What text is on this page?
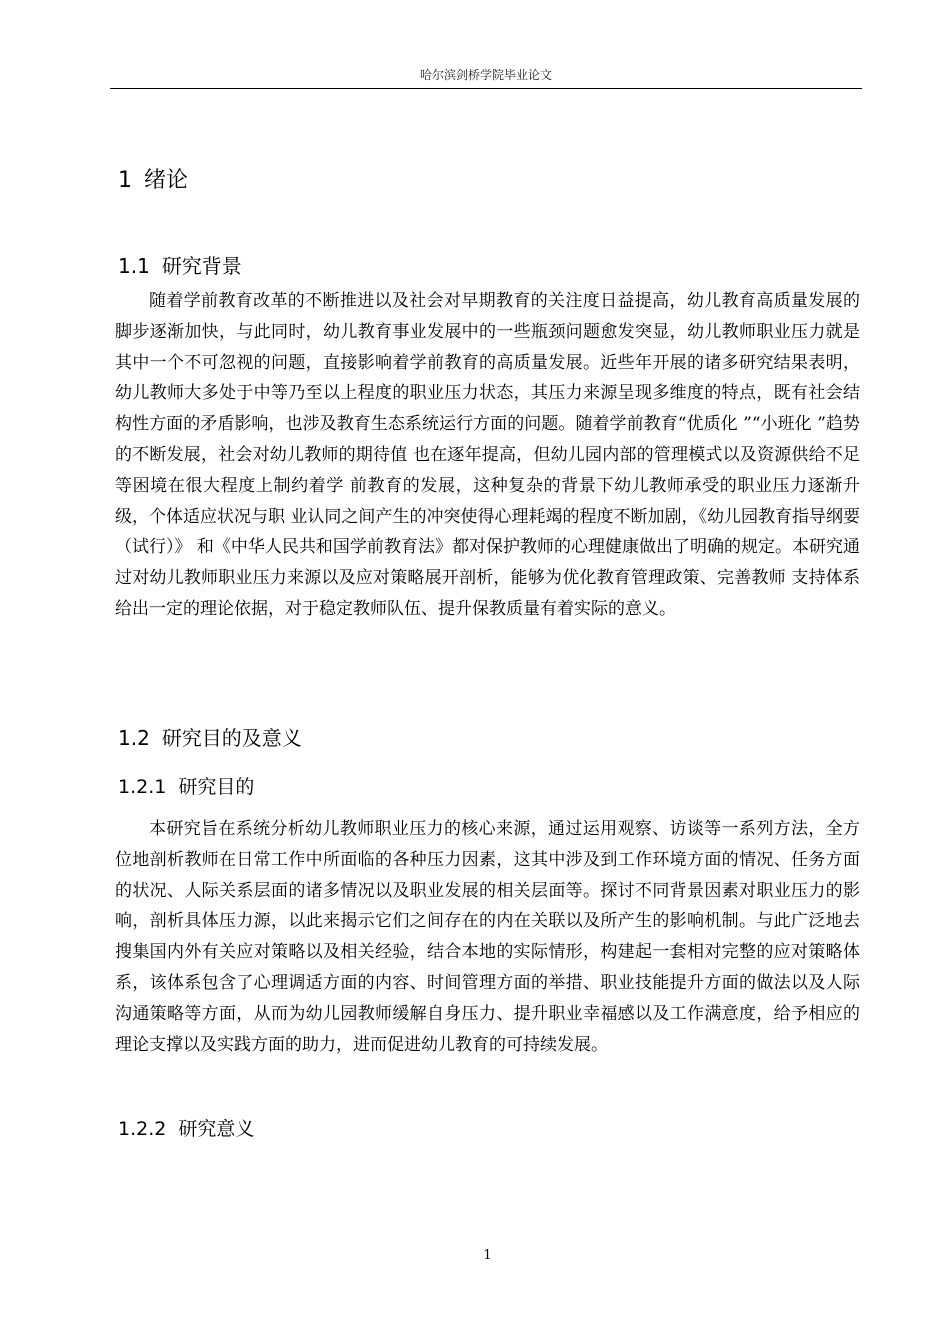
哈尔滨剑桥学院毕业论文
1 绪论
1.1 研究背景
随着学前教育改革的不断推进以及社会对早期教育的关注度日益提高，幼儿教育高质量发展的脚步逐渐加快，与此同时，幼儿教育事业发展中的一些瓶颈问题愈发突显，幼儿教师职业压力就是其中一个不可忽视的问题，直接影响着学前教育的高质量发展。近些年开展的诸多研究结果表明，幼儿教师大多处于中等乃至以上程度的职业压力状态，其压力来源呈现多维度的特点，既有社会结构性方面的矛盾影响，也涉及教育生态系统运行方面的问题。随着学前教育“优质化 ”“小班化 ”趋势的不断发展，社会对幼儿教师的期待值 也在逐年提高，但幼儿园内部的管理模式以及资源供给不足等困境在很大程度上制约着学 前教育的发展，这种复杂的背景下幼儿教师承受的职业压力逐渐升级，个体适应状况与职 业认同之间产生的冲突使得心理耗竭的程度不断加剧，《幼儿园教育指导纲要（试行）》 和《中华人民共和国学前教育法》都对保护教师的心理健康做出了明确的规定。本研究通 过对幼儿教师职业压力来源以及应对策略展开剖析，能够为优化教育管理政策、完善教师 支持体系给出一定的理论依据，对于稳定教师队伍、提升保教质量有着实际的意义。
1.2 研究目的及意义
1.2.1 研究目的
本研究旨在系统分析幼儿教师职业压力的核心来源，通过运用观察、访谈等一系列方法，全方位地剖析教师在日常工作中所面临的各种压力因素，这其中涉及到工作环境方面的情况、任务方面的状况、人际关系层面的诸多情况以及职业发展的相关层面等。探讨不同背景因素对职业压力的影响，剖析具体压力源，以此来揭示它们之间存在的内在关联以及所产生的影响机制。与此广泛地去搜集国内外有关应对策略以及相关经验，结合本地的实际情形，构建起一套相对完整的应对策略体系，该体系包含了心理调适方面的内容、时间管理方面的举措、职业技能提升方面的做法以及人际沟通策略等方面，从而为幼儿园教师缓解自身压力、提升职业幸福感以及工作满意度，给予相应的理论支撑以及实践方面的助力，进而促进幼儿教育的可持续发展。
1.2.2 研究意义
1
